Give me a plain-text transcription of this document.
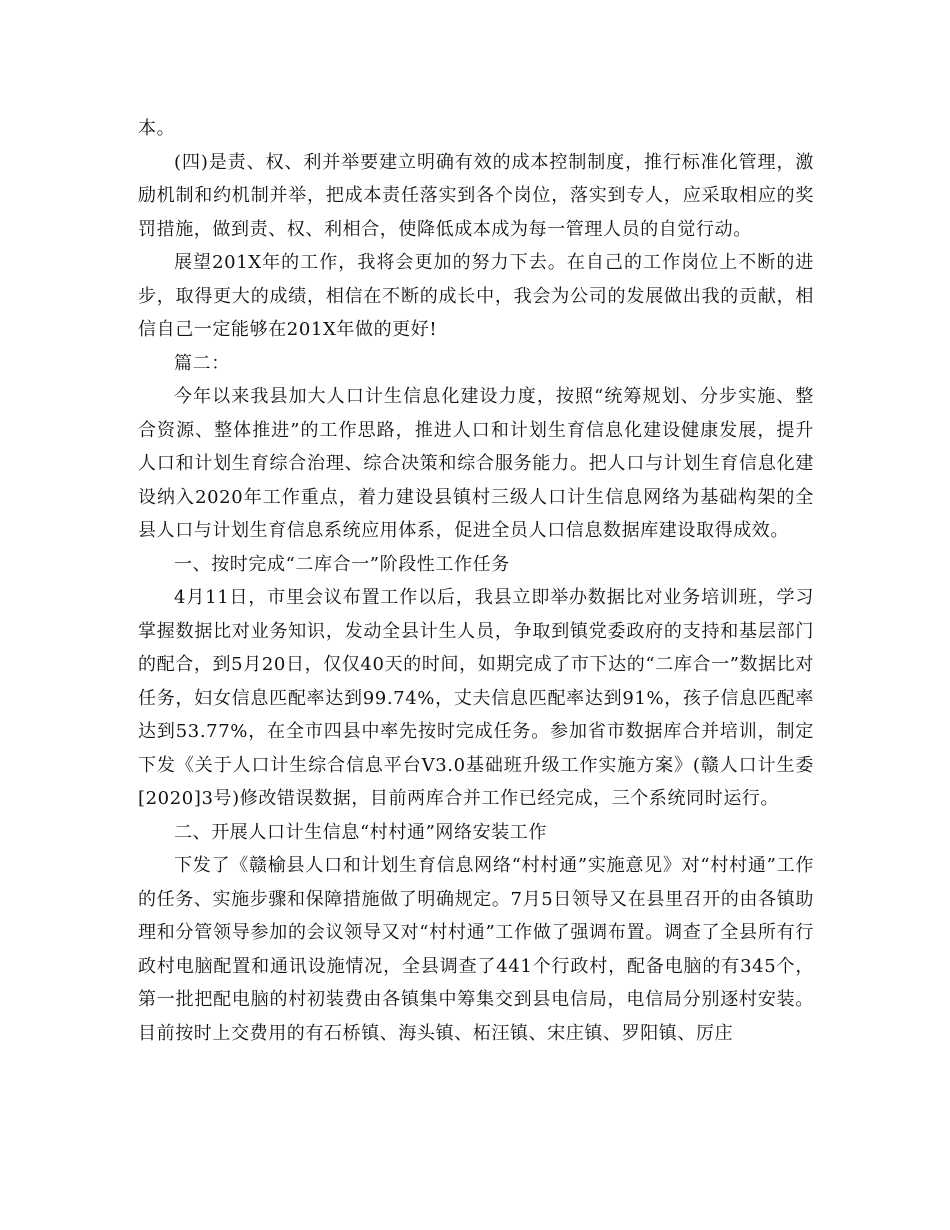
本。

(四)是责、权、利并举要建立明确有效的成本控制制度，推行标准化管理，激励机制和约机制并举，把成本责任落实到各个岗位，落实到专人，应采取相应的奖罚措施，做到责、权、利相合，使降低成本成为每一管理人员的自觉行动。

展望201X年的工作，我将会更加的努力下去。在自己的工作岗位上不断的进步，取得更大的成绩，相信在不断的成长中，我会为公司的发展做出我的贡献，相信自己一定能够在201X年做的更好!

篇二：

今年以来我县加大人口计生信息化建设力度，按照“统筹规划、分步实施、整合资源、整体推进”的工作思路，推进人口和计划生育信息化建设健康发展，提升人口和计划生育综合治理、综合决策和综合服务能力。把人口与计划生育信息化建设纳入2020年工作重点，着力建设县镇村三级人口计生信息网络为基础构架的全县人口与计划生育信息系统应用体系，促进全员人口信息数据库建设取得成效。

一、按时完成“二库合一”阶段性工作任务

4月11日，市里会议布置工作以后，我县立即举办数据比对业务培训班，学习掌握数据比对业务知识，发动全县计生人员，争取到镇党委政府的支持和基层部门的配合，到5月20日，仅仅40天的时间，如期完成了市下达的“二库合一”数据比对任务，妇女信息匹配率达到99.74%，丈夫信息匹配率达到91%，孩子信息匹配率达到53.77%，在全市四县中率先按时完成任务。参加省市数据库合并培训，制定下发《关于人口计生综合信息平台V3.0基础班升级工作实施方案》(赣人口计生委[2020]3号)修改错误数据，目前两库合并工作已经完成，三个系统同时运行。

二、开展人口计生信息“村村通”网络安装工作

下发了《赣榆县人口和计划生育信息网络“村村通”实施意见》对“村村通”工作的任务、实施步骤和保障措施做了明确规定。7月5日领导又在县里召开的由各镇助理和分管领导参加的会议领导又对“村村通”工作做了强调布置。调查了全县所有行政村电脑配置和通讯设施情况，全县调查了441个行政村，配备电脑的有345个，第一批把配电脑的村初装费由各镇集中筹集交到县电信局，电信局分别逐村安装。目前按时上交费用的有石桥镇、海头镇、柘汪镇、宋庄镇、罗阳镇、厉庄
